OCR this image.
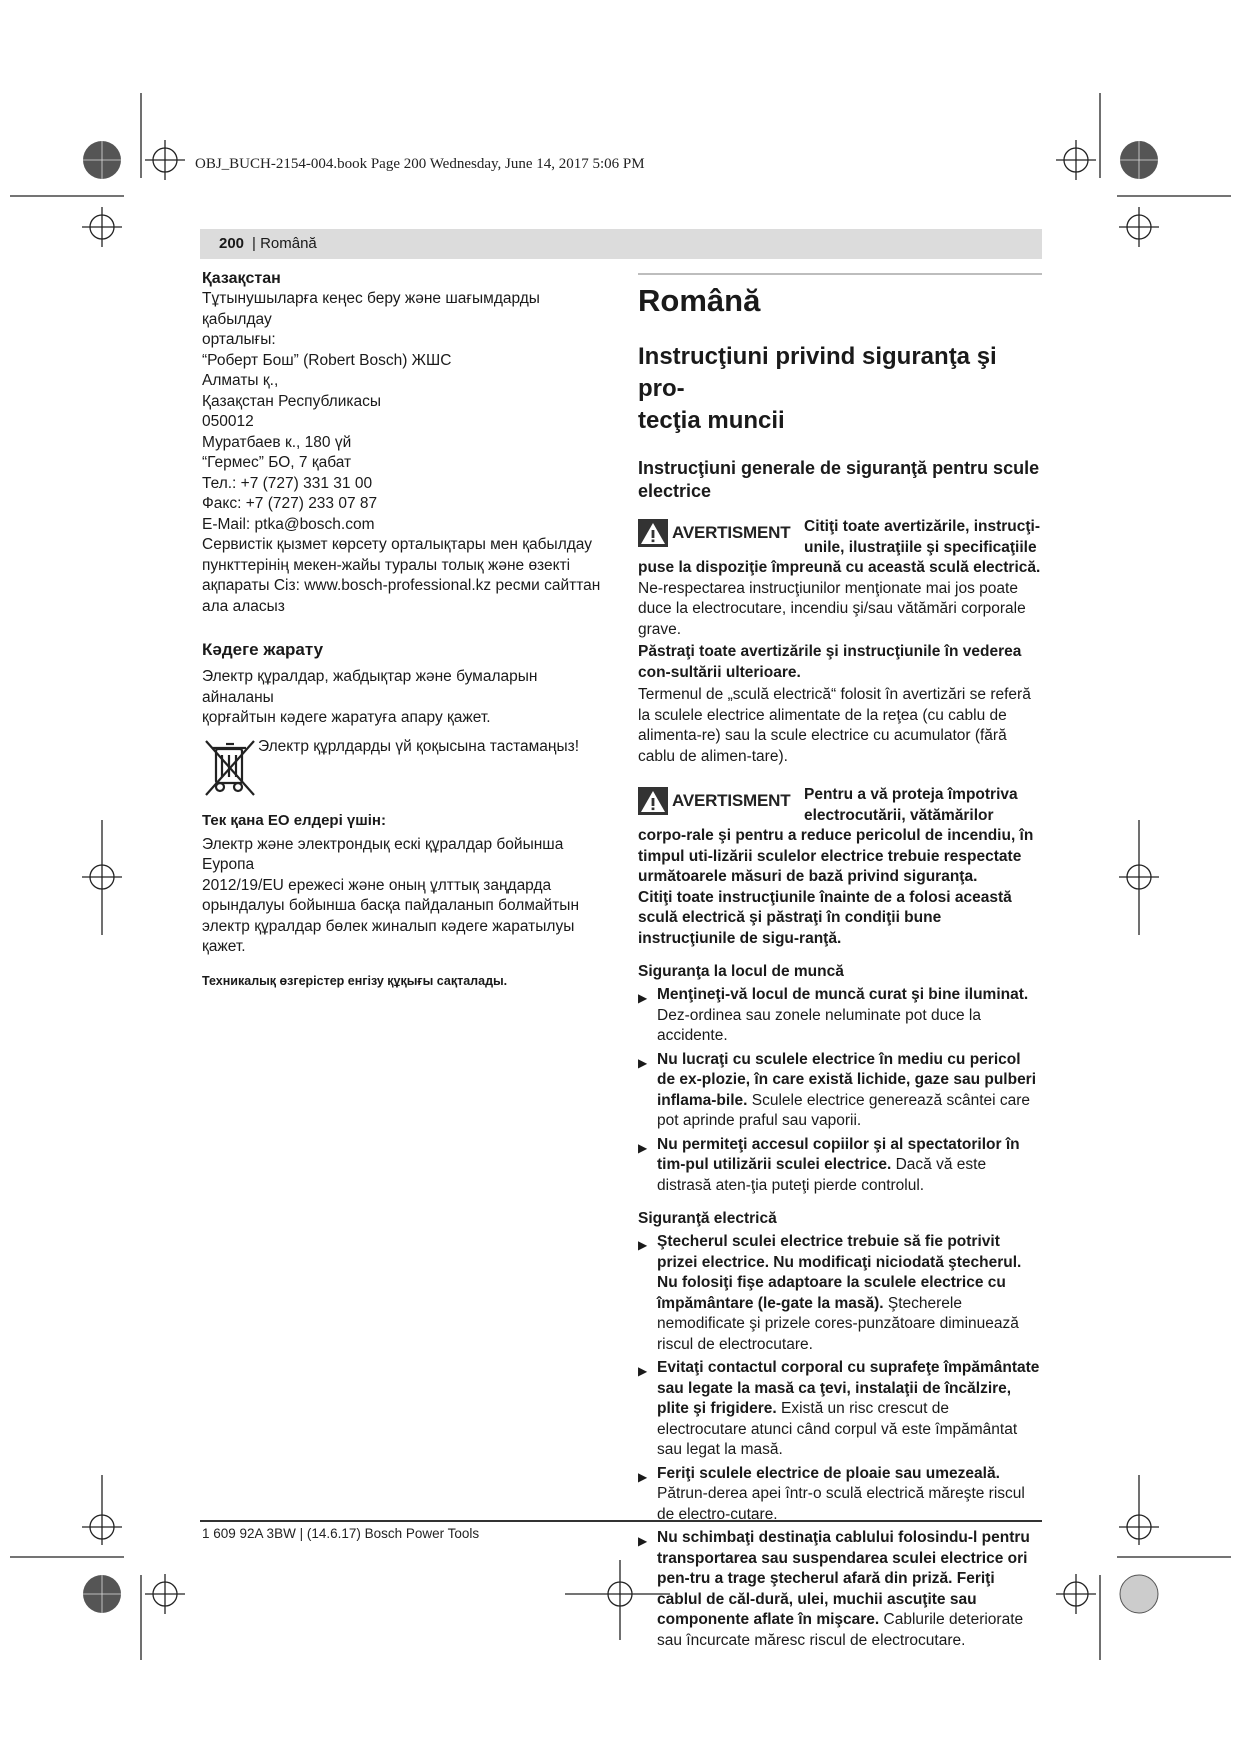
OBJ_BUCH-2154-004.book Page 200 Wednesday, June 14, 2017 5:06 PM
200
|	Română

Қазақстан

Тұтынушыларға кеңес беру және шағымдарды қабылдау

орталығы:

“Роберт Бош” (Robert Bosch) ЖШС

Алматы қ.,

Қазақстан Республикасы

050012

Муратбаев к., 180 үй

“Гермес” БО, 7 қабат

Тел.: +7 (727) 331 31 00

Факс: +7 (727) 233 07 87

E-Mail: ptka@bosch.com

Сервистік қызмет көрсету орталықтары мен қабылдау

пункттерінің мекен-жайы туралы толық және өзекті

ақпараты Сіз: www.bosch-professional.kz ресми сайттан

ала аласыз

Кәдеге жарату

Электр құралдар, жабдықтар және бумаларын айналаны

қорғайтын кәдеге жаратуға апару қажет.

Электр құрлдарды үй қоқысына тастамаңыз!

Тек қана ЕО елдері үшін:

Электр және электрондық ескі құралдар бойынша Еуропа

2012/19/EU ережесі және оның ұлттық заңдарда

орындалуы бойынша басқа пайдаланып болмайтын

электр құралдар бөлек жиналып кәдеге жаратылуы қажет.

Техникалық өзгерістер енгізу құқығы сақталады.

Română

Instrucţiuni privind siguranţa şi pro-
tecţia muncii

Instrucţiuni generale de siguranţă pentru scule
electrice

AVERTISMENT Citiţi toate avertizările, instrucţi- unile, ilustraţiile şi specificaţiile puse la dispoziţie împreună cu această sculă electrică. Ne-respectarea instrucţiunilor menţionate mai jos poate duce la electrocutare, incendiu şi/sau vătămări corporale grave.

Păstraţi toate avertizările şi instrucţiunile în vederea con-sultării ulterioare.

Termenul de „sculă electrică“ folosit în avertizări se referă la sculele electrice alimentate de la reţea (cu cablu de alimenta-re) sau la scule electrice cu acumulator (fără cablu de alimen-tare).

AVERTISMENT Pentru a vă proteja împotriva electrocutării, vătămărilor corpo-rale şi pentru a reduce pericolul de incendiu, în timpul uti-lizării sculelor electrice trebuie respectate următoarele măsuri de bază privind siguranţa.

Citiţi toate instrucţiunile înainte de a folosi această sculă electrică şi păstraţi în condiţii bune instrucţiunile de sigu-ranţă.

Siguranţa la locul de muncă

▶ Menţineţi-vă locul de muncă curat şi bine iluminat. Dez-ordinea sau zonele neluminate pot duce la accidente.
▶ Nu lucraţi cu sculele electrice în mediu cu pericol de ex-plozie, în care există lichide, gaze sau pulberi inflama-bile. Sculele electrice generează scântei care pot aprinde praful sau vaporii.
▶ Nu permiteţi accesul copiilor şi al spectatorilor în tim-pul utilizării sculei electrice. Dacă vă este distrasă aten-ţia puteţi pierde controlul.

Siguranţă electrică

▶ Ştecherul sculei electrice trebuie să fie potrivit prizei electrice. Nu modificaţi niciodată ştecherul. Nu folosiţi fişe adaptoare la sculele electrice cu împământare (le-gate la masă). Ştecherele nemodificate şi prizele cores-punzătoare diminuează riscul de electrocutare.
▶ Evitaţi contactul corporal cu suprafeţe împământate sau legate la masă ca ţevi, instalaţii de încălzire, plite şi frigidere. Există un risc crescut de electrocutare atunci când corpul vă este împământat sau legat la masă.
▶ Feriţi sculele electrice de ploaie sau umezeală. Pătrun-derea apei într-o sculă electrică măreşte riscul de electro-cutare.
▶ Nu schimbaţi destinaţia cablului folosindu-l pentru transportarea sau suspendarea sculei electrice ori pen-tru a trage ştecherul afară din priză. Feriţi cablul de căl-dură, ulei, muchii ascuţite sau componente aflate în mişcare. Cablurile deteriorate sau încurcate măresc riscul de electrocutare.
1 609 92A 3BW | (14.6.17) Bosch Power Tools
